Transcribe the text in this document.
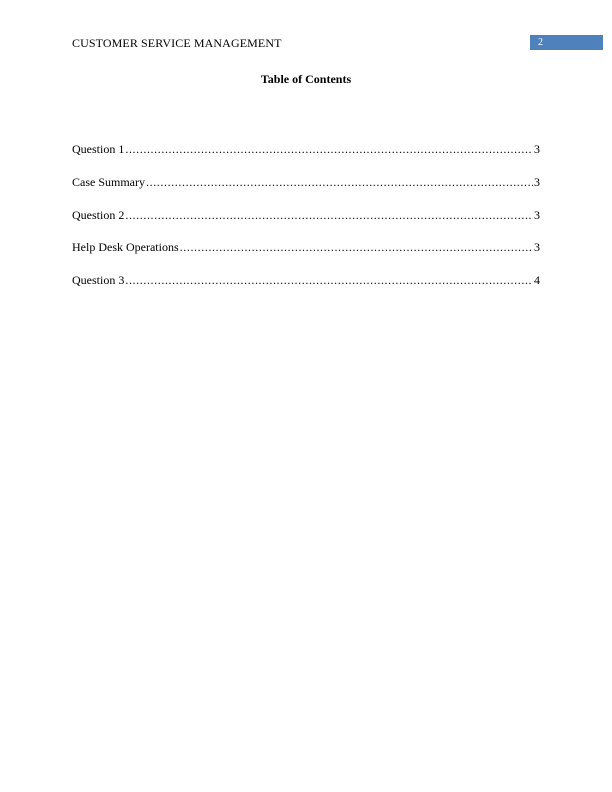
CUSTOMER SERVICE MANAGEMENT	2
Table of Contents
Question 1 .....	3
Case Summary .....	3
Question 2 .....	3
Help Desk Operations .....	3
Question 3 .....	4
